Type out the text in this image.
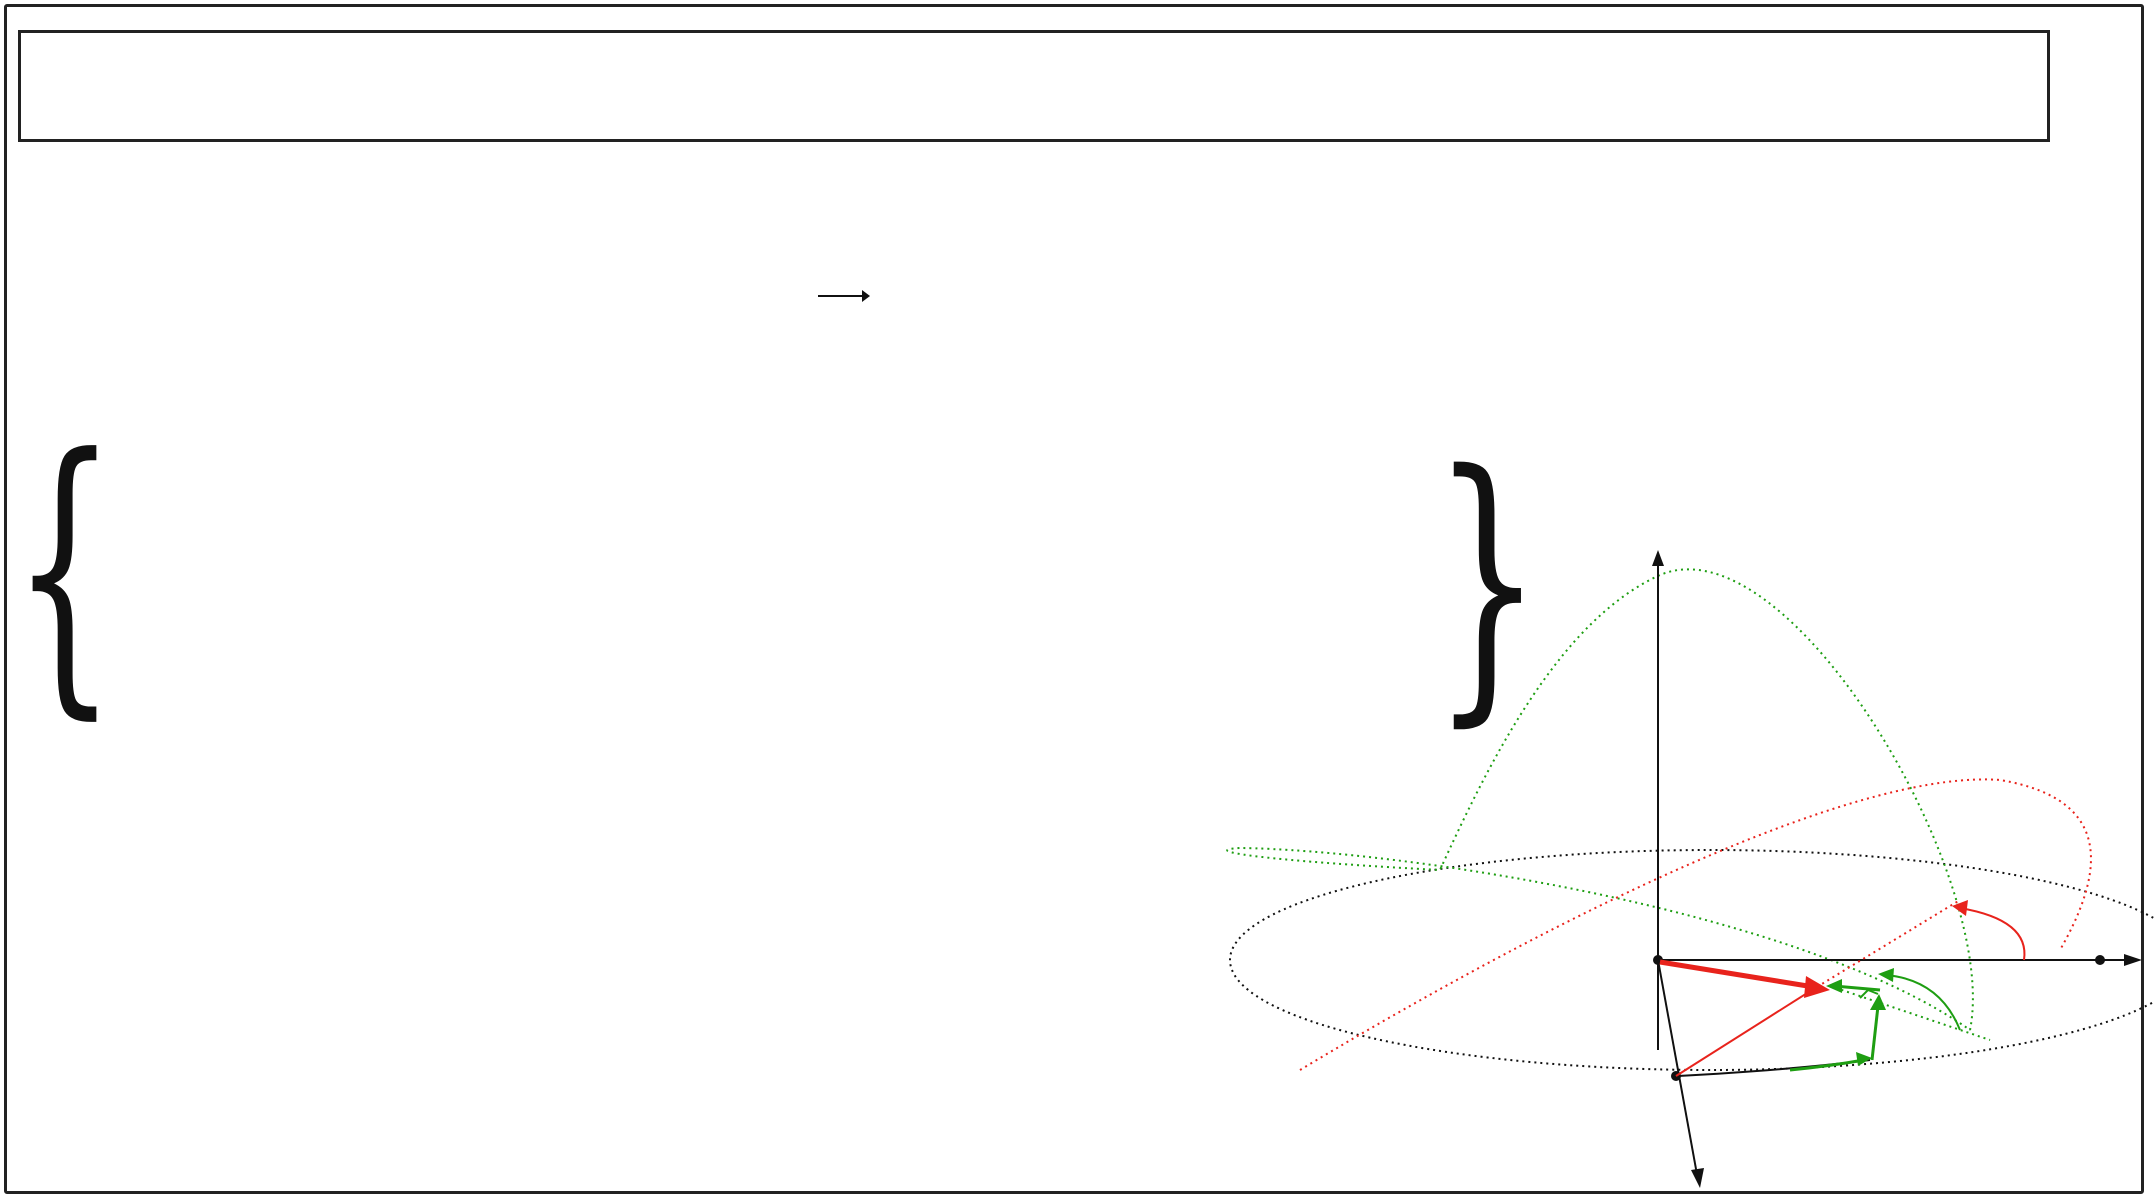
{	}
